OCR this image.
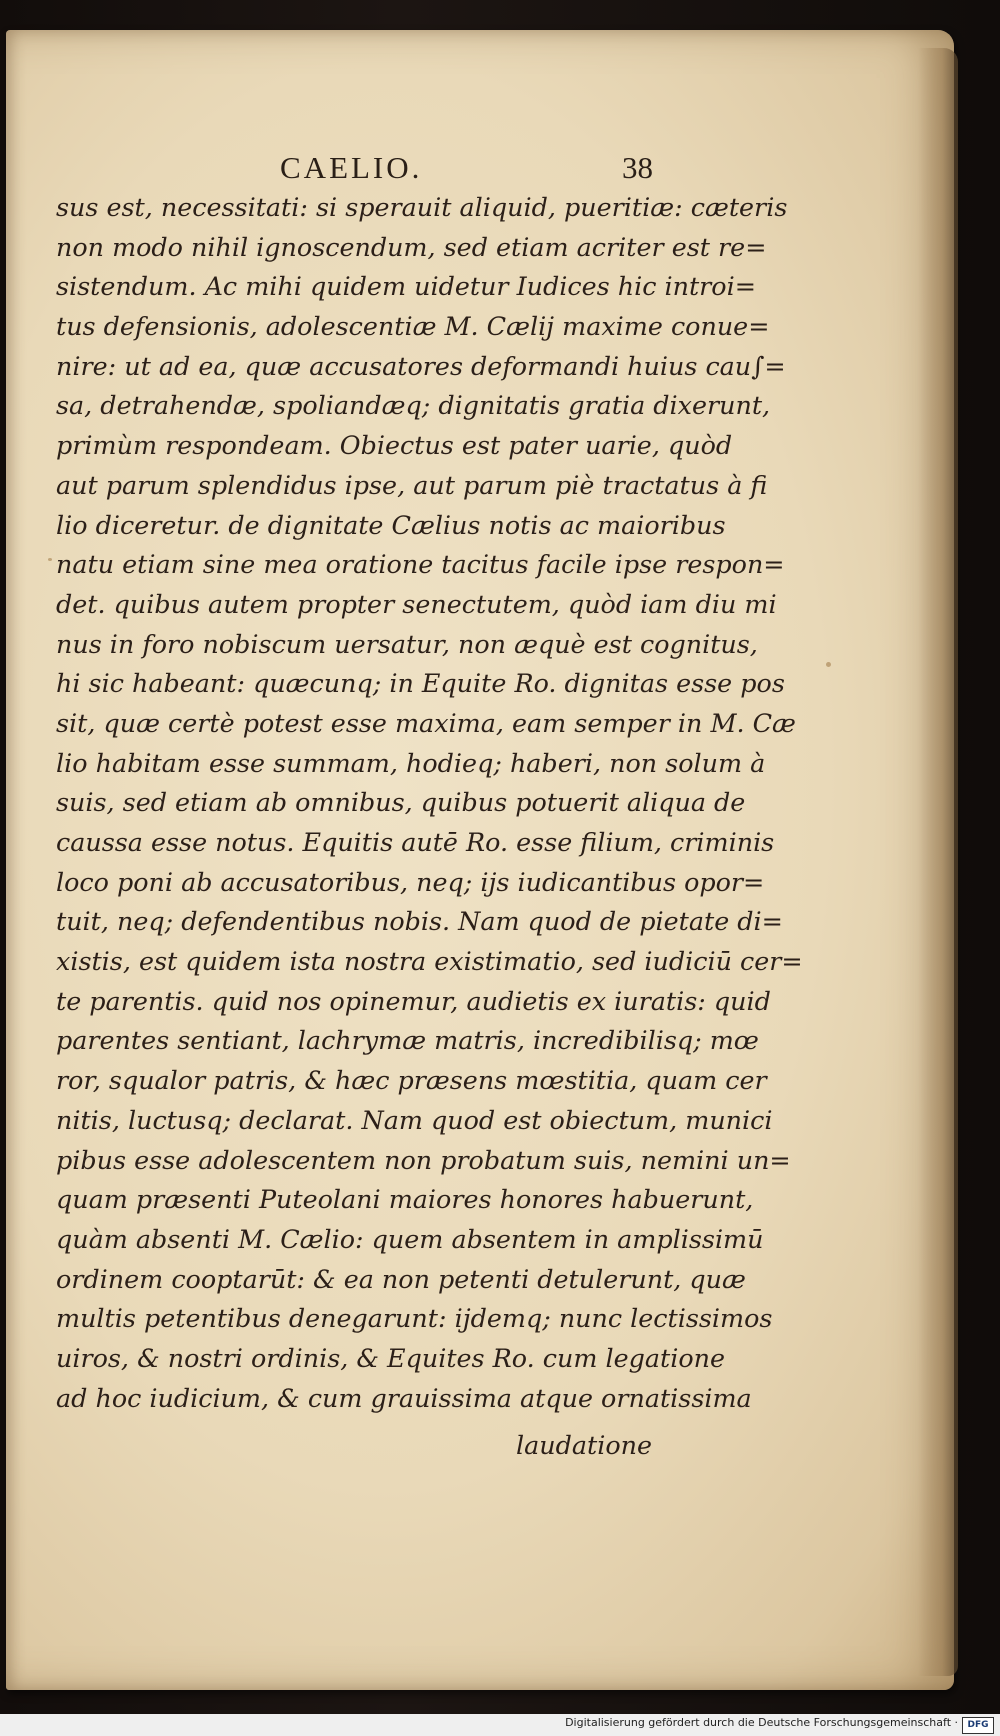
CAELIO.	38
sus est, necessitati: si sperauit aliquid, pueritiæ: cæteris
non modo nihil ignoscendum, sed etiam acriter est re=
sistendum. Ac mihi quidem uidetur Iudices hic introi=
tus defensionis, adolescentiæ M. Cælij maxime conue=
nire: ut ad ea, quæ accusatores deformandi huius cau∫=
sa, detrahendæ, spoliandæq; dignitatis gratia dixerunt,
primùm respondeam. Obiectus est pater uarie, quòd
aut parum splendidus ipse, aut parum piè tractatus à fi
lio diceretur. de dignitate Cælius notis ac maioribus
natu etiam sine mea oratione tacitus facile ipse respon=
det. quibus autem propter senectutem, quòd iam diu mi
nus in foro nobiscum uersatur, non æquè est cognitus,
hi sic habeant: quæcunq; in Equite Ro. dignitas esse pos
sit, quæ certè potest esse maxima, eam semper in M. Cæ
lio habitam esse summam, hodieq; haberi, non solum à
suis, sed etiam ab omnibus, quibus potuerit aliqua de
caussa esse notus. Equitis autē Ro. esse filium, criminis
loco poni ab accusatoribus, neq; ijs iudicantibus opor=
tuit, neq; defendentibus nobis. Nam quod de pietate di=
xistis, est quidem ista nostra existimatio, sed iudiciū cer=
te parentis. quid nos opinemur, audietis ex iuratis: quid
parentes sentiant, lachrymæ matris, incredibilisq; mœ
ror, squalor patris, & hæc præsens mœstitia, quam cer
nitis, luctusq; declarat. Nam quod est obiectum, munici
pibus esse adolescentem non probatum suis, nemini un=
quam præsenti Puteolani maiores honores habuerunt,
quàm absenti M. Cælio: quem absentem in amplissimū
ordinem cooptarūt: & ea non petenti detulerunt, quæ
multis petentibus denegarunt: ijdemq; nunc lectissimos
uiros, & nostri ordinis, & Equites Ro. cum legatione
ad hoc iudicium, & cum grauissima atque ornatissima
laudatione
Digitalisierung gefördert durch die Deutsche Forschungsgemeinschaft ·	DFG
